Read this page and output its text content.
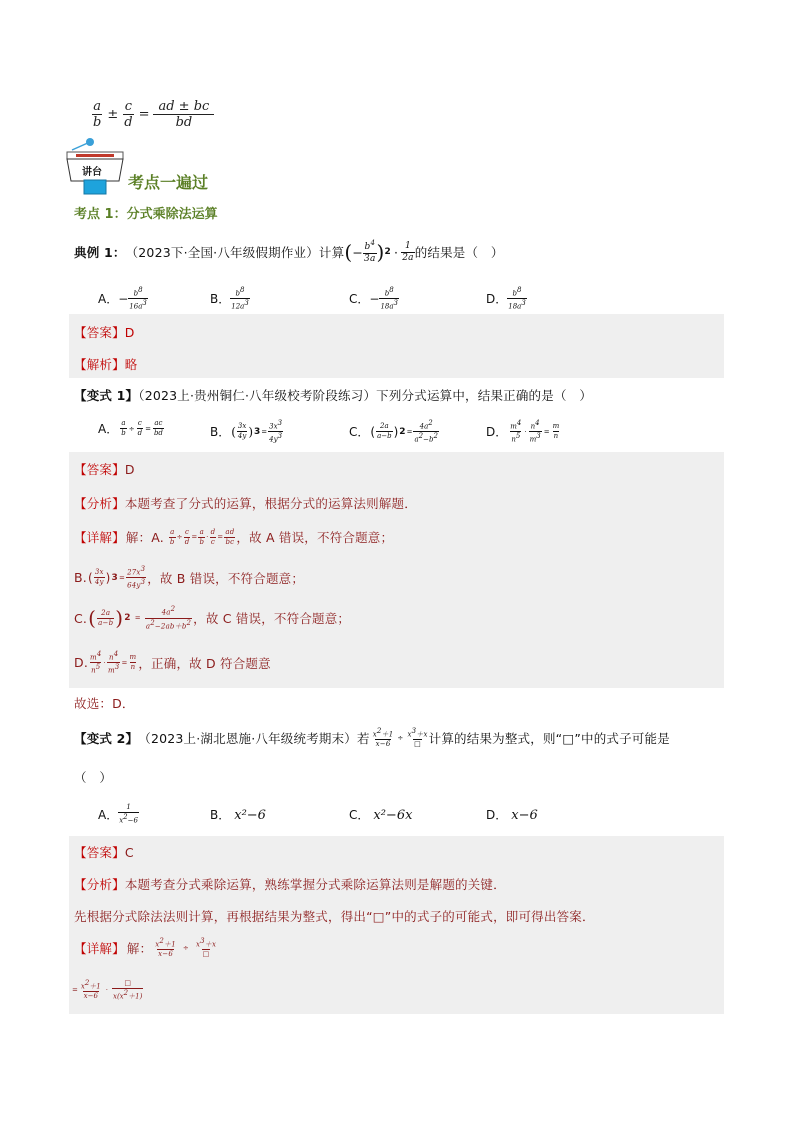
$\frac{a}{b} \pm \frac{c}{d} = \frac{ad \pm bc}{bd}$
讲台
考点一遍过
考点 1：分式乘除法运算
典例 1： （2023下·全国·八年级假期作业）计算 ( − $\frac{b^4}{3a}$ ) $2 \cdot \frac{1}{2a}$ 的结果是（　）
A． − $\frac{b8}{16a3}$	B． $\frac{b8}{12a3}$	C． − $\frac{b8}{18a3}$	D． $\frac{b8}{18a3}$
【答案】D
【解析】略
【变式 1】（2023上·贵州铜仁·八年级校考阶段练习）下列分式运算中，结果正确的是（　）
A． $\frac{a}{b} \div \frac{c}{d} = \frac{ac}{bd}$	B． ( $\frac{3x}{4y}$ ) $3 = \frac{3x3}{4y3}$	C． ( $\frac{2a}{a-b}$ ) $2 = \frac{4a2}{a2-b2}$	D． $\frac{m4}{n5} \cdot \frac{n4}{m3} = \frac{m}{n}$
【答案】D
【分析】本题考查了分式的运算，根据分式的运算法则解题．
【详解】 解：A. $\frac{a}{b} \div \frac{c}{d} = \frac{a}{b} \cdot \frac{d}{c} = \frac{ad}{bc}$ ，故 A 错误，不符合题意；
B. ( $\frac{3x}{4y}$ ) $3 = \frac{27x3}{64y3}$ ，故 B 错误，不符合题意；
C. ( $\frac{2a}{a-b}$ ) $2 = \frac{4a2}{a2-2ab+b2}$ ，故 C 错误，不符合题意；
D. $\frac{m4}{n5} \cdot \frac{n4}{m3} = \frac{m}{n}$ ，正确，故 D 符合题意
故选：D．
【变式 2】 （2023上·湖北恩施·八年级统考期末）若 $\frac{x2+1}{x-6} \div \frac{x3+x}{□}$ 计算的结果为整式，则“□”中的式子可能是
（　）
A． $\frac{1}{x2-6}$	B． x²−6	C． x²−6x	D． x−6
【答案】C
【分析】本题考查分式乘除运算，熟练掌握分式乘除运算法则是解题的关键．
先根据分式除法法则计算，再根据结果为整式，得出“□”中的式子的可能式，即可得出答案．
【详解】 解： $\frac{x2+1}{x-6} \div \frac{x3+x}{□}$
= $\frac{x2+1}{x-6} \cdot \frac{□}{x(x2+1)}$
